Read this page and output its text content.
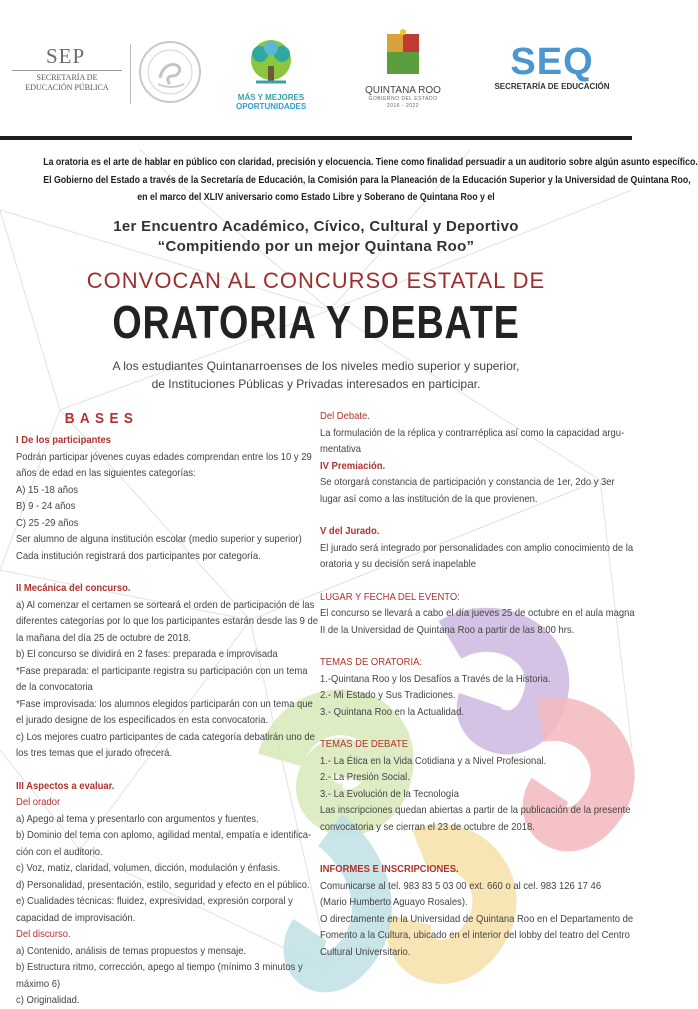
SEP
SECRETARÍA DE
EDUCACIÓN PÚBLICA
MÁS Y MEJORES
OPORTUNIDADES
QUINTANA ROO
GOBIERNO DEL ESTADO
2016 - 2022
SEQ
SECRETARÍA DE EDUCACIÓN

La oratoria es el arte de hablar en público con claridad, precisión y elocuencia. Tiene como finalidad persuadir a un auditorio sobre algún asunto específico.

El Gobierno del Estado a través de la Secretaría de Educación, la Comisión para la Planeación de la Educación Superior y la Universidad de Quintana Roo,

en el marco del XLIV aniversario como Estado Libre y Soberano de Quintana Roo y el

1er Encuentro Académico, Cívico, Cultural y Deportivo
“Compitiendo por un mejor Quintana Roo”
CONVOCAN AL CONCURSO ESTATAL DE
ORATORIA Y DEBATE
A los estudiantes Quintanarroenses de los niveles medio superior y superior,
de Instituciones Públicas y Privadas interesados en participar.
BASES

I De los participantes

Podrán participar jóvenes cuyas edades comprendan entre los 10 y 29

años de edad en las siguientes categorías:

A) 15 -18 años

B) 9 - 24 años

C) 25 -29 años

Ser alumno de alguna institución escolar (medio superior y superior)

Cada institución registrará dos participantes por categoría.

II Mecánica del concurso.

a) Al comenzar el certamen se sorteará el orden de participación de las

diferentes categorías por lo que los participantes estarán desde las 9 de

la mañana del día 25 de octubre de 2018.

b) El concurso se dividirá en 2 fases: preparada e improvisada

*Fase preparada: el participante registra su participación con un tema

de la convocatoria

*Fase improvisada: los alumnos elegidos participarán con un tema que

el jurado designe de los especificados en esta convocatoria.

c) Los mejores cuatro participantes de cada categoría debatirán uno de

los tres temas que el jurado ofrecerá.

III Aspectos a evaluar.

Del orador

a) Apego al tema y presentarlo con argumentos y fuentes.

b) Dominio del tema con aplomo, agilidad mental, empatía e identifica-

ción con el auditorio.

c) Voz, matiz, claridad, volumen, dicción, modulación y énfasis.

d) Personalidad, presentación, estilo, seguridad y efecto en el público.

e) Cualidades técnicas: fluidez, expresividad, expresión corporal y

capacidad de improvisación.

Del discurso.

a) Contenido, análisis de temas propuestos y mensaje.

b) Estructura ritmo, corrección, apego al tiempo (mínimo 3 minutos y

máximo 6)

c) Originalidad.

Del Debate.

La formulación de la réplica y contrarréplica así como la capacidad argu-

mentativa

IV Premiación.

Se otorgará constancia de participación y constancia de 1er, 2do y 3er

lugar así como a las institución de la que provienen.

V del Jurado.

El jurado será integrado por personalidades con amplio conocimiento de la

oratoria y su decisión será inapelable

LUGAR Y FECHA DEL EVENTO:

El concurso se llevará a cabo el día jueves 25 de octubre en el aula magna

II de la Universidad de Quintana Roo a partir de las 8:00 hrs.

TEMAS DE ORATORIA:

1.-Quintana Roo y los Desafíos a Través de la Historia.

2.- Mi Estado y Sus Tradiciones.

3.- Quintana Roo en la Actualidad.

TEMAS DE DEBATE

1.- La Ética en la Vida Cotidiana y a Nivel Profesional.

2.- La Presión Social.

3.- La Evolución de la Tecnología

Las inscripciones quedan abiertas a partir de la publicación de la presente

convocatoria y se cierran el 23 de octubre de 2018.

INFORMES E INSCRIPCIONES.

Comunicarse al tel. 983 83 5 03 00 ext. 660 o al cel. 983 126 17 46

(Mario Humberto Aguayo Rosales).

O directamente en la Universidad de Quintana Roo en el Departamento de

Fomento a la Cultura, ubicado en el interior del lobby del teatro del Centro

Cultural Universitario.
